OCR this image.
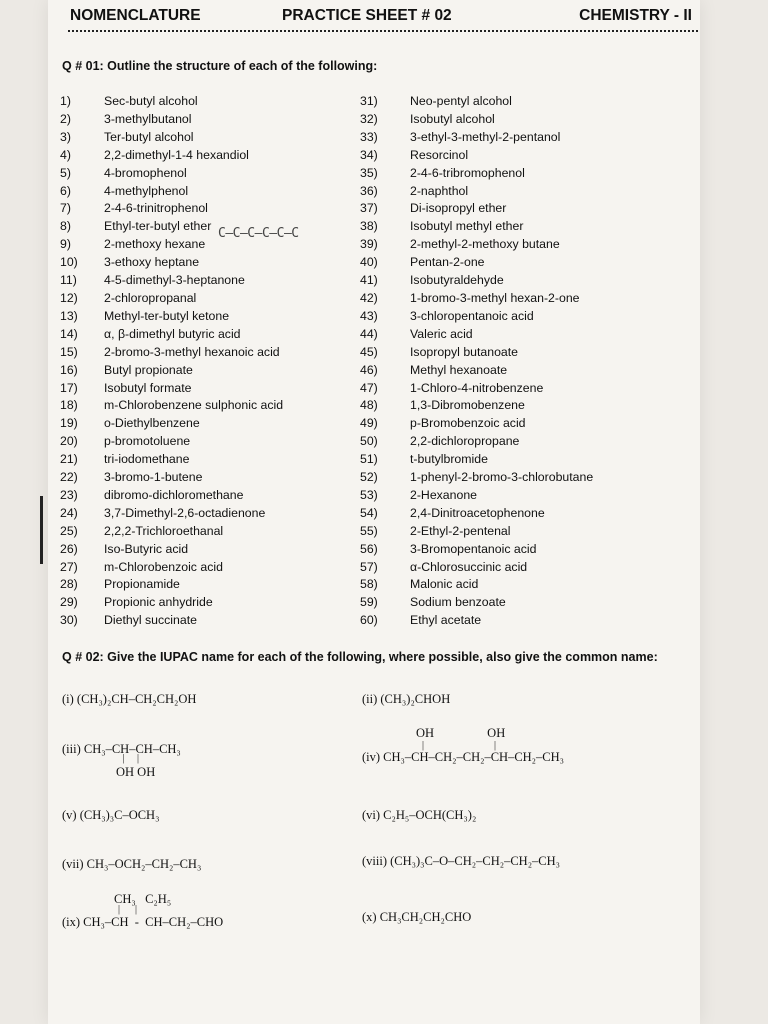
NOMENCLATURE	PRACTICE SHEET # 02	CHEMISTRY - II
Q # 01: Outline the structure of each of the following:
1)	Sec-butyl alcohol
2)	3-methylbutanol
3)	Ter-butyl alcohol
4)	2,2-dimethyl-1-4 hexandiol
5)	4-bromophenol
6)	4-methylphenol
7)	2-4-6-trinitrophenol
8)	Ethyl-ter-butyl ether
9)	2-methoxy hexane
10)	3-ethoxy heptane
11)	4-5-dimethyl-3-heptanone
12)	2-chloropropanal
13)	Methyl-ter-butyl ketone
14)	α, β-dimethyl butyric acid
15)	2-bromo-3-methyl hexanoic acid
16)	Butyl propionate
17)	Isobutyl formate
18)	m-Chlorobenzene sulphonic acid
19)	o-Diethylbenzene
20)	p-bromotoluene
21)	tri-iodomethane
22)	3-bromo-1-butene
23)	dibromo-dichloromethane
24)	3,7-Dimethyl-2,6-octadienone
25)	2,2,2-Trichloroethanal
26)	Iso-Butyric acid
27)	m-Chlorobenzoic acid
28)	Propionamide
29)	Propionic anhydride
30)	Diethyl succinate
31)	Neo-pentyl alcohol
32)	Isobutyl alcohol
33)	3-ethyl-3-methyl-2-pentanol
34)	Resorcinol
35)	2-4-6-tribromophenol
36)	2-naphthol
37)	Di-isopropyl ether
38)	Isobutyl methyl ether
39)	2-methyl-2-methoxy butane
40)	Pentan-2-one
41)	Isobutyraldehyde
42)	1-bromo-3-methyl hexan-2-one
43)	3-chloropentanoic acid
44)	Valeric acid
45)	Isopropyl butanoate
46)	Methyl hexanoate
47)	1-Chloro-4-nitrobenzene
48)	1,3-Dibromobenzene
49)	p-Bromobenzoic acid
50)	2,2-dichloropropane
51)	t-butylbromide
52)	1-phenyl-2-bromo-3-chlorobutane
53)	2-Hexanone
54)	2,4-Dinitroacetophenone
55)	2-Ethyl-2-pentenal
56)	3-Bromopentanoic acid
57)	α-Chlorosuccinic acid
58)	Malonic acid
59)	Sodium benzoate
60)	Ethyl acetate
C–C–C–C–C–C
Q # 02: Give the IUPAC name for each of the following, where possible, also give the common name:
(i) (CH₃)₂CH–CH₂CH₂OH	(ii) (CH₃)₂CHOH
(iii) CH₃–CH–CH–CH₃
|     |
OH OH
OH                 OH
|                            |
(iv) CH₃–CH–CH₂–CH₂–CH–CH₂–CH₃
(v) (CH₃)₃C–OCH₃	(vi) C₂H₅–OCH(CH₃)₂
(vii) CH₃–OCH₂–CH₂–CH₃	(viii) (CH₃)₃C–O–CH₂–CH₂–CH₂–CH₃
CH₃   C₂H₅
|      |
(ix) CH₃–CH  -  CH–CH₂–CHO	(x) CH₃CH₂CH₂CHO
